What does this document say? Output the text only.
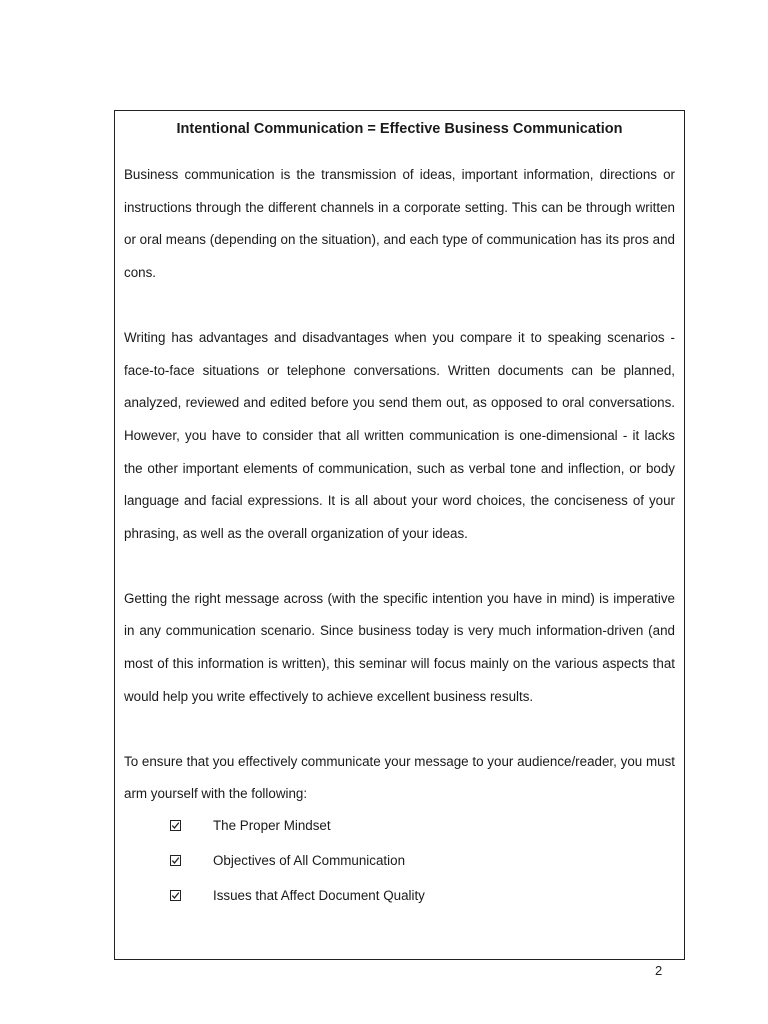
Intentional Communication = Effective Business Communication

Business communication is the transmission of ideas, important information, directions or instructions through the different channels in a corporate setting. This can be through written or oral means (depending on the situation), and each type of communication has its pros and cons.

Writing has advantages and disadvantages when you compare it to speaking scenarios - face-to-face situations or telephone conversations. Written documents can be planned, analyzed, reviewed and edited before you send them out, as opposed to oral conversations. However, you have to consider that all written communication is one-dimensional - it lacks the other important elements of communication, such as verbal tone and inflection, or body language and facial expressions. It is all about your word choices, the conciseness of your phrasing, as well as the overall organization of your ideas.

Getting the right message across (with the specific intention you have in mind) is imperative in any communication scenario. Since business today is very much information-driven (and most of this information is written), this seminar will focus mainly on the various aspects that would help you write effectively to achieve excellent business results.

To ensure that you effectively communicate your message to your audience/reader, you must arm yourself with the following:

The Proper Mindset
Objectives of All Communication
Issues that Affect Document Quality
2
